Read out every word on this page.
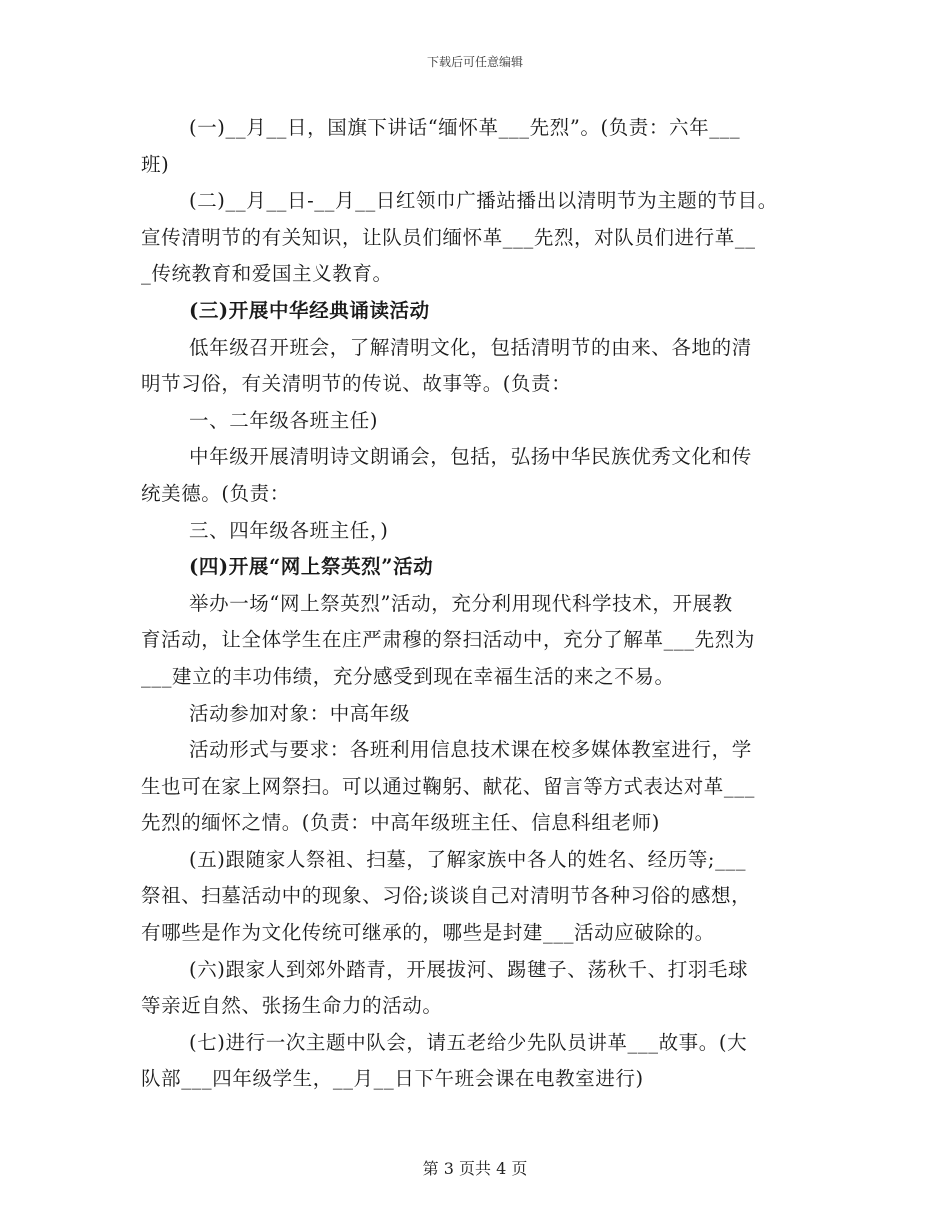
下载后可任意编辑
(一)__月__日，国旗下讲话“缅怀革___先烈”。(负责：六年___
班)
(二)__月__日-__月__日红领巾广播站播出以清明节为主题的节目。
宣传清明节的有关知识，让队员们缅怀革___先烈，对队员们进行革__
_传统教育和爱国主义教育。
(三)开展中华经典诵读活动
低年级召开班会，了解清明文化，包括清明节的由来、各地的清
明节习俗，有关清明节的传说、故事等。(负责：
一、二年级各班主任)
中年级开展清明诗文朗诵会，包括，弘扬中华民族优秀文化和传
统美德。(负责：
三、四年级各班主任，)
(四)开展“网上祭英烈”活动
举办一场“网上祭英烈”活动，充分利用现代科学技术，开展教
育活动，让全体学生在庄严肃穆的祭扫活动中，充分了解革___先烈为
___建立的丰功伟绩，充分感受到现在幸福生活的来之不易。
活动参加对象：中高年级
活动形式与要求：各班利用信息技术课在校多媒体教室进行，学
生也可在家上网祭扫。可以通过鞠躬、献花、留言等方式表达对革___
先烈的缅怀之情。(负责：中高年级班主任、信息科组老师)
(五)跟随家人祭祖、扫墓，了解家族中各人的姓名、经历等;___
祭祖、扫墓活动中的现象、习俗;谈谈自己对清明节各种习俗的感想，
有哪些是作为文化传统可继承的，哪些是封建___活动应破除的。
(六)跟家人到郊外踏青，开展拔河、踢毽子、荡秋千、打羽毛球
等亲近自然、张扬生命力的活动。
(七)进行一次主题中队会，请五老给少先队员讲革___故事。(大
队部___四年级学生，__月__日下午班会课在电教室进行)
第 3 页共 4 页
